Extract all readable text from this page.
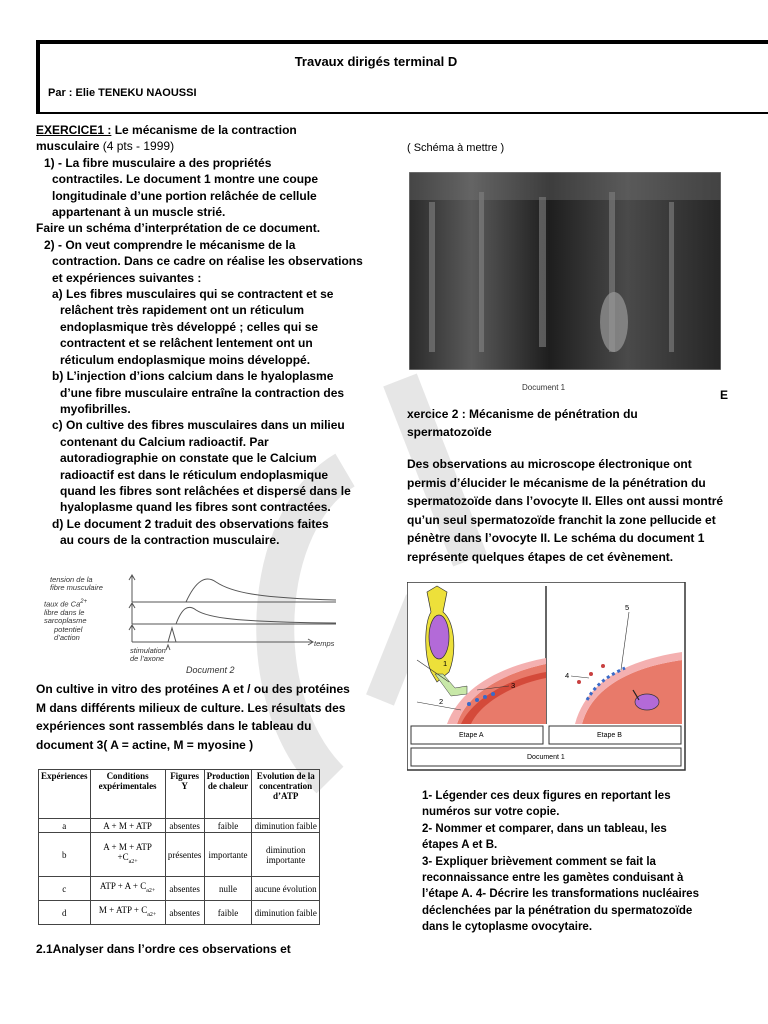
Travaux dirigés terminal D
Par : Elie TENEKU NAOUSSI

EXERCICE1 : Le mécanisme de la contraction

musculaire (4 pts - 1999)

1) - La fibre musculaire a des propriétés
contractiles. Le document 1 montre une coupe
longitudinale d’une portion relâchée de cellule
appartenant à un muscle strié.
Faire un schéma d’interprétation de ce document.
2) - On veut comprendre le mécanisme de la
contraction. Dans ce cadre on réalise les observations
et expériences suivantes :
a) Les fibres musculaires qui se contractent et se
relâchent très rapidement ont un réticulum
endoplasmique très développé ; celles qui se
contractent et se relâchent lentement ont un
réticulum endoplasmique moins développé.
b) L’injection d’ions calcium dans le hyaloplasme
d’une fibre musculaire entraîne la contraction des
myofibrilles.
c) On cultive des fibres musculaires dans un milieu
contenant du Calcium radioactif. Par
autoradiographie on constate que le Calcium
radioactif est dans le réticulum endoplasmique
quand les fibres sont relâchées et dispersé dans le
hyaloplasme quand les fibres sont contractées.
d) Le document 2 traduit des observations faites
au cours de la contraction musculaire.
tension de la
fibre musculaire
taux de $Ca^{2+}$
libre dans le
sarcoplasme
potentiel
d’action
stimulation
de l’axone
temps
Document 2
On cultive in vitro des protéines A et / ou des protéines
M dans différents milieux de culture. Les résultats des
expériences sont rassemblés dans le tableau du
document 3( A = actine, M = myosine )
Expériences	Conditions expérimentales	Figures Y	Production de chaleur	Evolution de la concentration d’ATP
a	A + M + ATP	absentes	faible	diminution faible
b	A + M + ATP $+C_{a2+}$	présentes	importante	diminution importante
c	ATP + $A + C_{a2+}$	absentes	nulle	aucune évolution
d	M + ATP + $C_{a2+}$	absentes	faible	diminution faible
2.1Analyser dans l’ordre ces observations et
( Schéma à mettre )
Document 1
E
xercice 2 : Mécanisme de pénétration du
spermatozoïde
Des observations au microscope électronique ont
permis d’élucider le mécanisme de la pénétration du
spermatozoïde dans l’ovocyte II. Elles ont aussi montré
qu’un seul spermatozoïde franchit la zone pellucide et
pénètre dans l’ovocyte II. Le schéma du document 1
représente quelques étapes de cet évènement.
1
2
3
4
5
Etape A	Etape B
Document 1
1- Légender ces deux figures en reportant les
numéros sur votre copie.
2- Nommer et comparer, dans un tableau, les
étapes A et B.
3- Expliquer brièvement comment se fait la
reconnaissance entre les gamètes conduisant à
l’étape A. 4- Décrire les transformations nucléaires
déclenchées par la pénétration du spermatozoïde
dans le cytoplasme ovocytaire.
